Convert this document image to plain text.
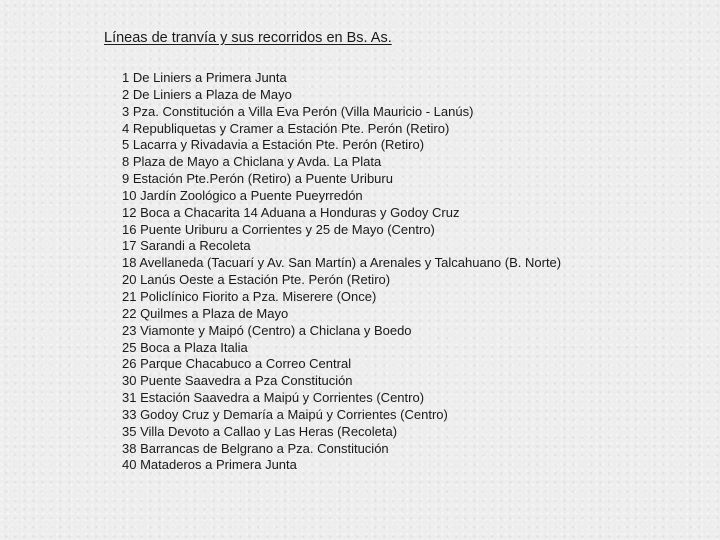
Líneas de tranvía y sus recorridos en Bs. As.
1 De Liniers a Primera Junta
2 De Liniers a Plaza de Mayo
3 Pza. Constitución a Villa Eva Perón (Villa Mauricio - Lanús)
4 Republiquetas y Cramer a Estación Pte. Perón (Retiro)
5 Lacarra y Rivadavia a Estación Pte. Perón (Retiro)
8 Plaza de Mayo a Chiclana y Avda. La Plata
9 Estación Pte.Perón (Retiro) a Puente Uriburu
10 Jardín Zoológico a Puente Pueyrredón
12 Boca a Chacarita 14 Aduana a Honduras y Godoy Cruz
16 Puente Uriburu a Corrientes y 25 de Mayo (Centro)
17 Sarandi a Recoleta
18 Avellaneda (Tacuarí y Av. San Martín) a Arenales y Talcahuano (B. Norte)
20 Lanús Oeste a Estación Pte. Perón (Retiro)
21 Policlínico Fiorito a Pza. Miserere (Once)
22 Quilmes a Plaza de Mayo
23 Viamonte y Maipó (Centro) a Chiclana y Boedo
25 Boca a Plaza Italia
26 Parque Chacabuco a Correo Central
30 Puente Saavedra a Pza Constitución
31 Estación Saavedra a Maipú y Corrientes (Centro)
33 Godoy Cruz y Demaría a Maipú y Corrientes (Centro)
35 Villa Devoto a Callao y Las Heras (Recoleta)
38 Barrancas de Belgrano a Pza. Constitución
40 Mataderos a Primera Junta
